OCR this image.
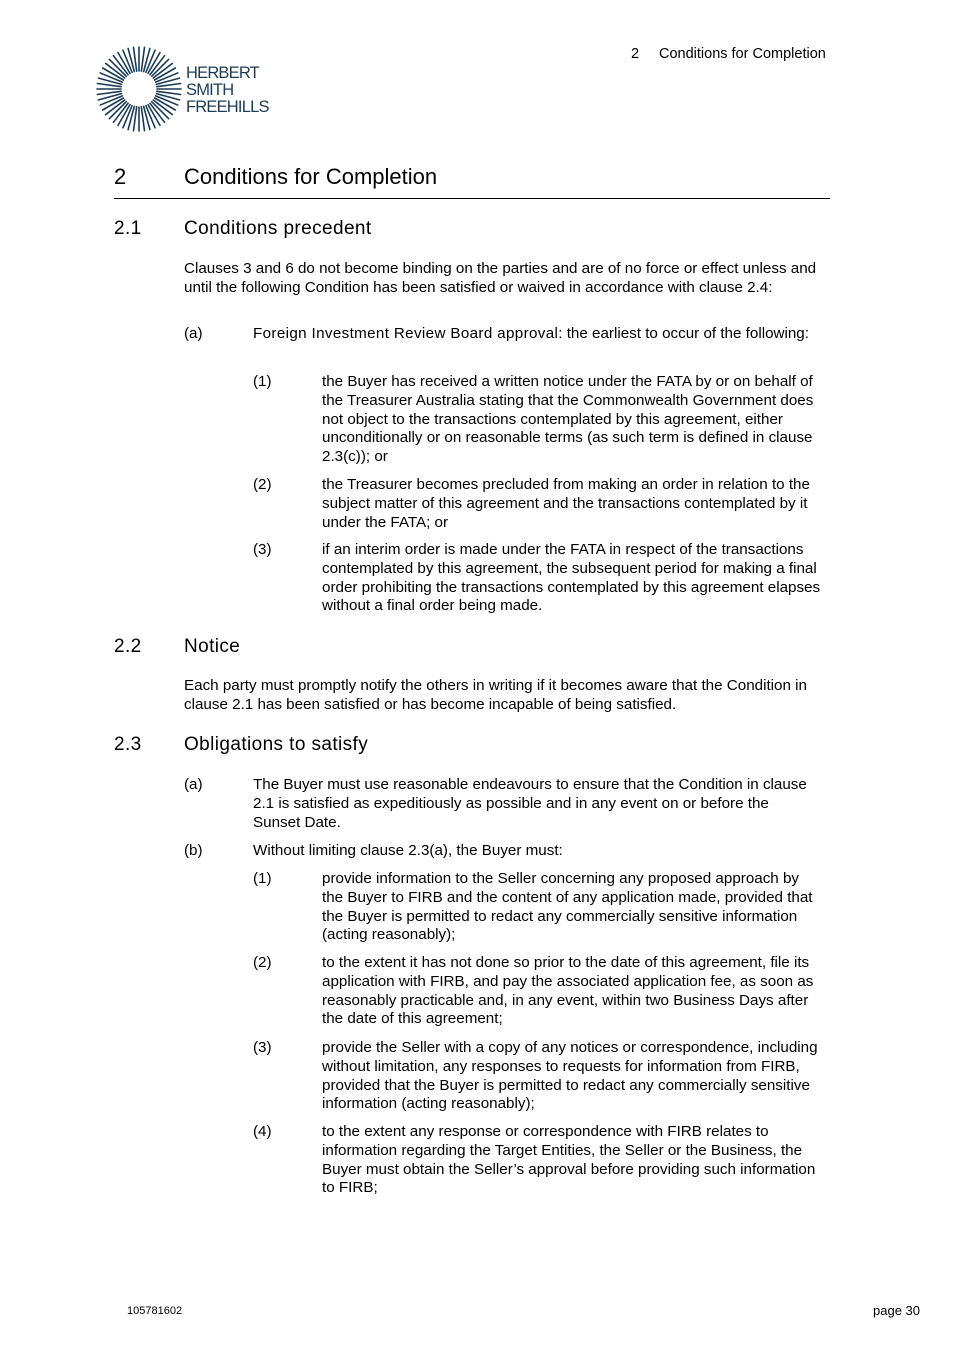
HERBERT
SMITH
FREEHILLS
2 Conditions for Completion
2	Conditions for Completion
2.1 Conditions precedent
Clauses 3 and 6 do not become binding on the parties and are of no force or effect unless and until the following Condition has been satisfied or waived in accordance with clause 2.4:
(a)	Foreign Investment Review Board approval: the earliest to occur of the following:
(1)	the Buyer has received a written notice under the FATA by or on behalf of the Treasurer Australia stating that the Commonwealth Government does not object to the transactions contemplated by this agreement, either unconditionally or on reasonable terms (as such term is defined in clause 2.3(c)); or
(2)	the Treasurer becomes precluded from making an order in relation to the subject matter of this agreement and the transactions contemplated by it under the FATA; or
(3)	if an interim order is made under the FATA in respect of the transactions contemplated by this agreement, the subsequent period for making a final order prohibiting the transactions contemplated by this agreement elapses without a final order being made.
2.2 Notice
Each party must promptly notify the others in writing if it becomes aware that the Condition in clause 2.1 has been satisfied or has become incapable of being satisfied.
2.3 Obligations to satisfy
(a)	The Buyer must use reasonable endeavours to ensure that the Condition in clause 2.1 is satisfied as expeditiously as possible and in any event on or before the Sunset Date.
(b)	Without limiting clause 2.3(a), the Buyer must:
(1)	provide information to the Seller concerning any proposed approach by the Buyer to FIRB and the content of any application made, provided that the Buyer is permitted to redact any commercially sensitive information (acting reasonably);
(2)	to the extent it has not done so prior to the date of this agreement, file its application with FIRB, and pay the associated application fee, as soon as reasonably practicable and, in any event, within two Business Days after the date of this agreement;
(3)	provide the Seller with a copy of any notices or correspondence, including without limitation, any responses to requests for information from FIRB, provided that the Buyer is permitted to redact any commercially sensitive information (acting reasonably);
(4)	to the extent any response or correspondence with FIRB relates to information regarding the Target Entities, the Seller or the Business, the Buyer must obtain the Seller’s approval before providing such information to FIRB;
105781602	page 30
